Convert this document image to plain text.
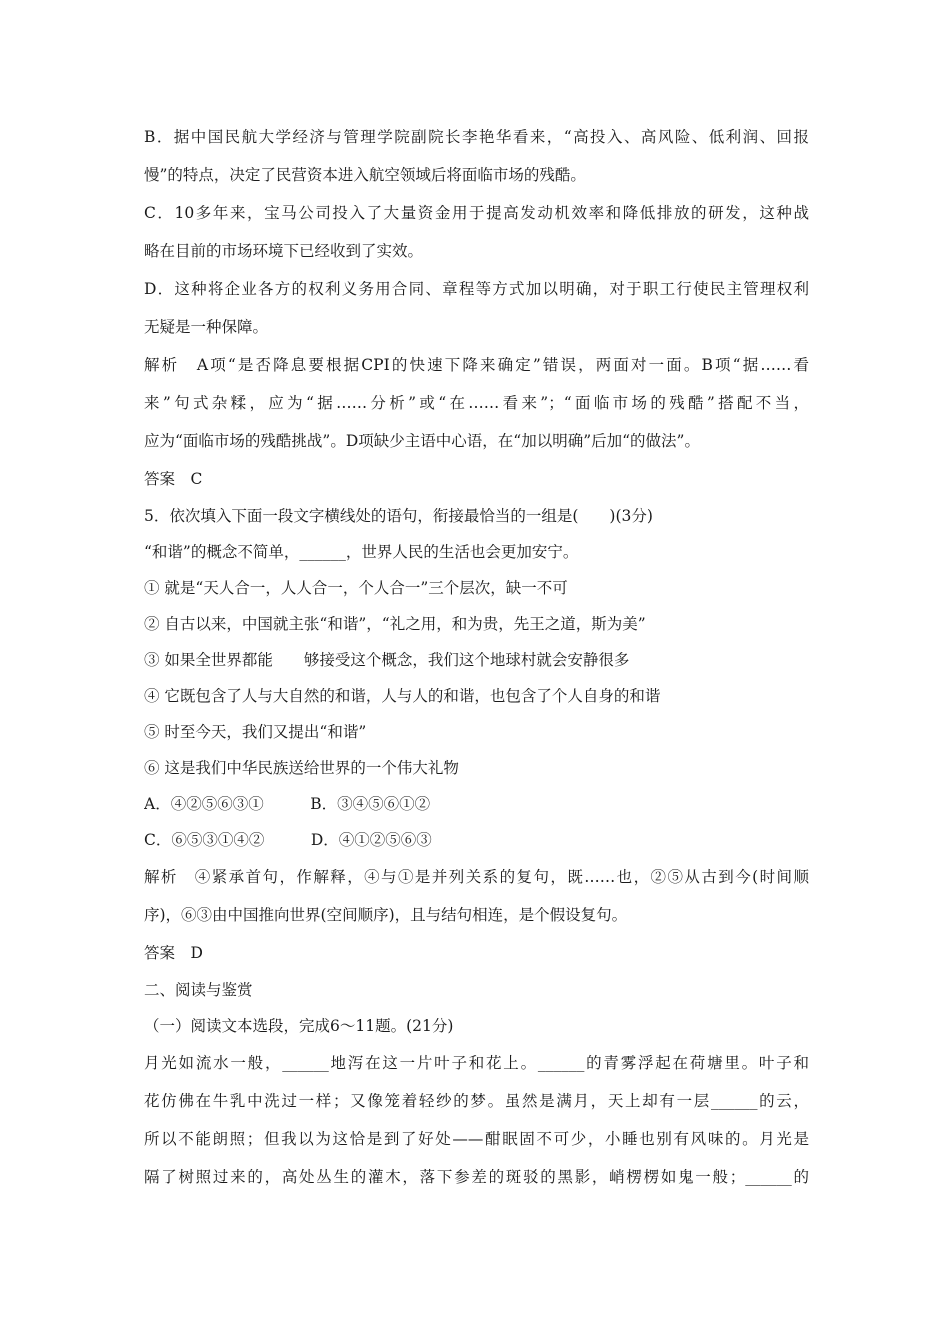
B．据中国民航大学经济与管理学院副院长李艳华看来，“高投入、高风险、低利润、回报
慢”的特点，决定了民营资本进入航空领域后将面临市场的残酷。
C．10多年来，宝马公司投入了大量资金用于提高发动机效率和降低排放的研发，这种战
略在目前的市场环境下已经收到了实效。
D．这种将企业各方的权利义务用合同、章程等方式加以明确，对于职工行使民主管理权利
无疑是一种保障。
解析　A项“是否降息要根据CPI的快速下降来确定”错误，两面对一面。B项“据……看
来”句式杂糅，应为“据……分析”或“在……看来”；“面临市场的残酷”搭配不当，
应为“面临市场的残酷挑战”。D项缺少主语中心语，在“加以明确”后加“的做法”。
答案　C
5．依次填入下面一段文字横线处的语句，衔接最恰当的一组是(　　)(3分)
“和谐”的概念不简单，______，世界人民的生活也会更加安宁。
① 就是“天人合一，人人合一，个人合一”三个层次，缺一不可
② 自古以来，中国就主张“和谐”，“礼之用，和为贵，先王之道，斯为美”
③ 如果全世界都能　　够接受这个概念，我们这个地球村就会安静很多
④ 它既包含了人与大自然的和谐，人与人的和谐，也包含了个人自身的和谐
⑤ 时至今天，我们又提出“和谐”
⑥ 这是我们中华民族送给世界的一个伟大礼物
A．④②⑤⑥③①　　　B．③④⑤⑥①②
C．⑥⑤③①④②　　　D．④①②⑤⑥③
解析　④紧承首句，作解释，④与①是并列关系的复句，既……也，②⑤从古到今(时间顺
序)，⑥③由中国推向世界(空间顺序)，且与结句相连，是个假设复句。
答案　D
二、阅读与鉴赏
（一）阅读文本选段，完成6～11题。(21分)
月光如流水一般，______地泻在这一片叶子和花上。______的青雾浮起在荷塘里。叶子和
花仿佛在牛乳中洗过一样；又像笼着轻纱的梦。虽然是满月，天上却有一层______的云，
所以不能朗照；但我以为这恰是到了好处——酣眠固不可少，小睡也别有风味的。月光是
隔了树照过来的，高处丛生的灌木，落下参差的斑驳的黑影，峭楞楞如鬼一般；______的
